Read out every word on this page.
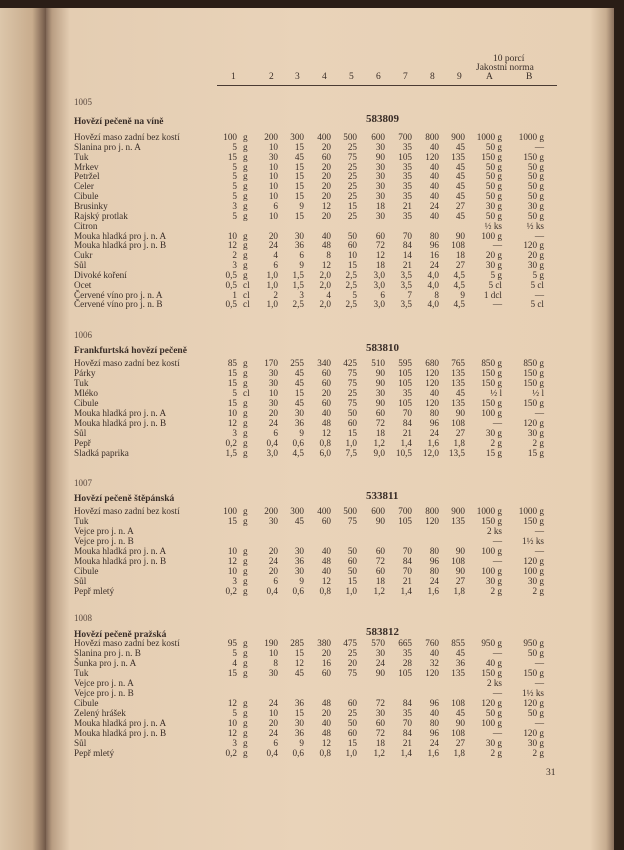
10 porcí
Jakostní norma
1	2 3 4 5 6 7 8 9	A	B
1005
Hovězí pečeně na víně	583809
Hovězí maso zadní bez kostí	100 g 200 300 400 500 600 700 800 900 1000 g 1000 g
Slanina pro j. n. A	5 g 10 15 20 25 30 35 40 45 50 g	—
Tuk	15 g 30 45 60 75 90 105 120 135 150 g 150 g
Mrkev	5 g 10 15 20 25 30 35 40 45 50 g	50 g
Petržel	5 g 10 15 20 25 30 35 40 45 50 g	50 g
Celer	5 g 10 15 20 25 30 35 40 45 50 g	50 g
Cibule	5 g 10 15 20 25 30 35 40 45 50 g	50 g
Brusinky	3 g	6 9 12 15 18 21 24 27 30 g	30 g
Rajský protlak	5 g 10 15 20 25 30 35 40 45 50 g	50 g
Citron	½ ks	½ ks
Mouka hladká pro j. n. A	10 g 20 30 40 50 60 70 80 90 100 g	—
Mouka hladká pro j. n. B	12 g 24 36 48 60 72 84 96 108	— 120 g
Cukr	2 g	4 6 8 10 12 14 16 18 20 g	20 g
Sůl	3 g	6 9 12 15 18 21 24 27 30 g	30 g
Divoké koření	0,5 g 1,0 1,5 2,0 2,5 3,0 3,5 4,0 4,5	5 g	5 g
Ocet	0,5 cl 1,0 1,5 2,0 2,5 3,0 3,5 4,0 4,5	5 cl	5 cl
Červené víno pro j. n. A	1 cl	2 3 4 5	6 7 8 9 1 dcl	—
Červené víno pro j. n. B	0,5 cl 1,0 2,5 2,0 2,5 3,0 3,5 4,0 4,5	—	5 cl
1006
Frankfurtská hovězí pečeně	583810
Hovězí maso zadní bez kostí	85 g 170 255 340 425 510 595 680 765 850 g 850 g
Párky	15 g 30 45 60 75 90 105 120 135 150 g 150 g
Tuk	15 g 30 45 60 75 90 105 120 135 150 g 150 g
Mléko	5 cl 10 15 20 25 30 35 40 45	½ l	½ l
Cibule	15 g 30 45 60 75 90 105 120 135 150 g 150 g
Mouka hladká pro j. n. A	10 g 20 30 40 50 60 70 80 90 100 g	—
Mouka hladká pro j. n. B	12 g 24 36 48 60 72 84 96 108	— 120 g
Sůl	3 g	6 9 12 15 18 21 24 27 30 g	30 g
Pepř	0,2 g 0,4 0,6 0,8 1,0 1,2 1,4 1,6 1,8	2 g	2 g
Sladká paprika	1,5 g 3,0 4,5 6,0 7,5 9,0 10,5 12,0 13,5 15 g	15 g
1007
Hovězí pečeně štěpánská	533811
Hovězí maso zadní bez kostí	100 g 200 300 400 500 600 700 800 900 1000 g 1000 g
Tuk	15 g 30 45 60 75 90 105 120 135 150 g 150 g
Vejce pro j. n. A	2 ks	—
Vejce pro j. n. B	— 1½ ks
Mouka hladká pro j. n. A	10 g 20 30 40 50 60 70 80 90 100 g	—
Mouka hladká pro j. n. B	12 g 24 36 48 60 72 84 96 108	— 120 g
Cibule	10 g 20 30 40 50 60 70 80 90 100 g 100 g
Sůl	3 g	6 9 12 15 18 21 24 27 30 g	30 g
Pepř mletý	0,2 g 0,4 0,6 0,8 1,0 1,2 1,4 1,6 1,8	2 g	2 g
1008
Hovězí pečeně pražská	583812
Hovězí maso zadní bez kostí	95 g 190 285 380 475 570 665 760 855 950 g 950 g
Slanina pro j. n. B	5 g 10 15 20 25 30 35 40 45	—	50 g
Šunka pro j. n. A	4 g	8 12 16 20 24 28 32 36 40 g	—
Tuk	15 g 30 45 60 75 90 105 120 135 150 g 150 g
Vejce pro j. n. A	2 ks	—
Vejce pro j. n. B	— 1½ ks
Cibule	12 g 24 36 48 60 72 84 96 108 120 g 120 g
Zelený hrášek	5 g 10 15 20 25 30 35 40 45 50 g	50 g
Mouka hladká pro j. n. A	10 g 20 30 40 50 60 70 80 90 100 g	—
Mouka hladká pro j. n. B	12 g 24 36 48 60 72 84 96 108	— 120 g
Sůl	3 g	6 9 12 15 18 21 24 27 30 g	30 g
Pepř mletý	0,2 g 0,4 0,6 0,8 1,0 1,2 1,4 1,6 1,8	2 g	2 g
31
